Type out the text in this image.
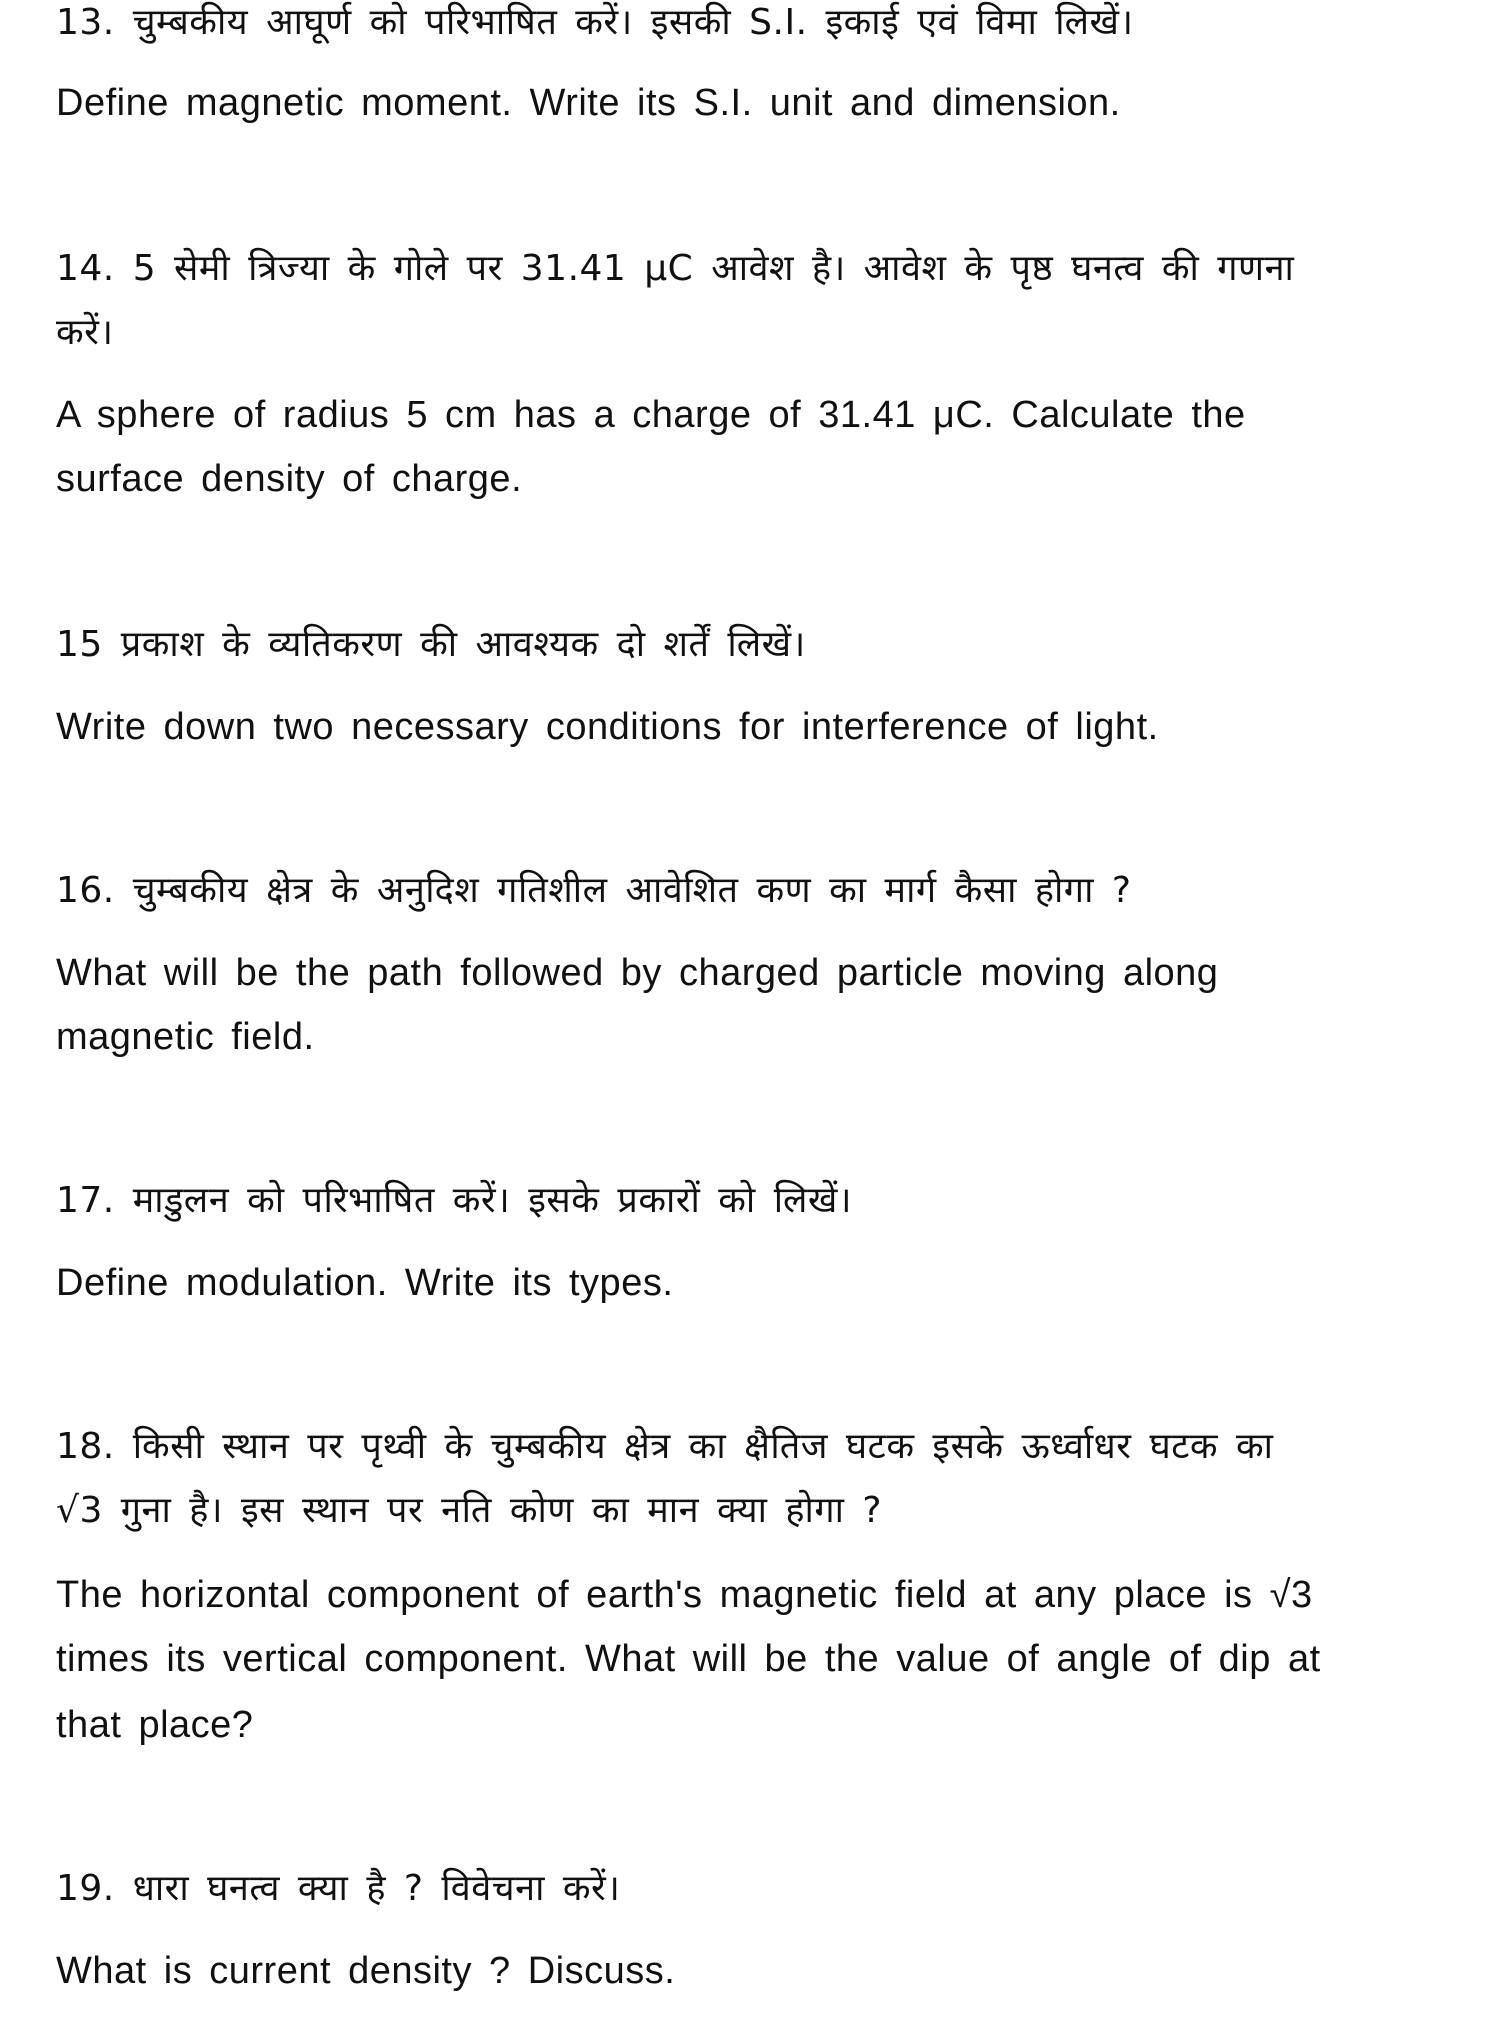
13. चुम्बकीय आघूर्ण को परिभाषित करें। इसकी S.I. इकाई एवं विमा लिखें।
Define magnetic moment. Write its S.I. unit and dimension.
14. 5 सेमी त्रिज्या के गोले पर 31.41 μC आवेश है। आवेश के पृष्ठ घनत्व की गणना
करें।
A sphere of radius 5 cm has a charge of 31.41 μC. Calculate the
surface density of charge.
15 प्रकाश के व्यतिकरण की आवश्यक दो शर्तें लिखें।
Write down two necessary conditions for interference of light.
16. चुम्बकीय क्षेत्र के अनुदिश गतिशील आवेशित कण का मार्ग कैसा होगा ?
What will be the path followed by charged particle moving along
magnetic field.
17. माडुलन को परिभाषित करें। इसके प्रकारों को लिखें।
Define modulation. Write its types.
18. किसी स्थान पर पृथ्वी के चुम्बकीय क्षेत्र का क्षैतिज घटक इसके ऊर्ध्वाधर घटक का
√3 गुना है। इस स्थान पर नति कोण का मान क्या होगा ?
The horizontal component of earth's magnetic field at any place is √3
times its vertical component. What will be the value of angle of dip at
that place?
19. धारा घनत्व क्या है ? विवेचना करें।
What is current density ? Discuss.
